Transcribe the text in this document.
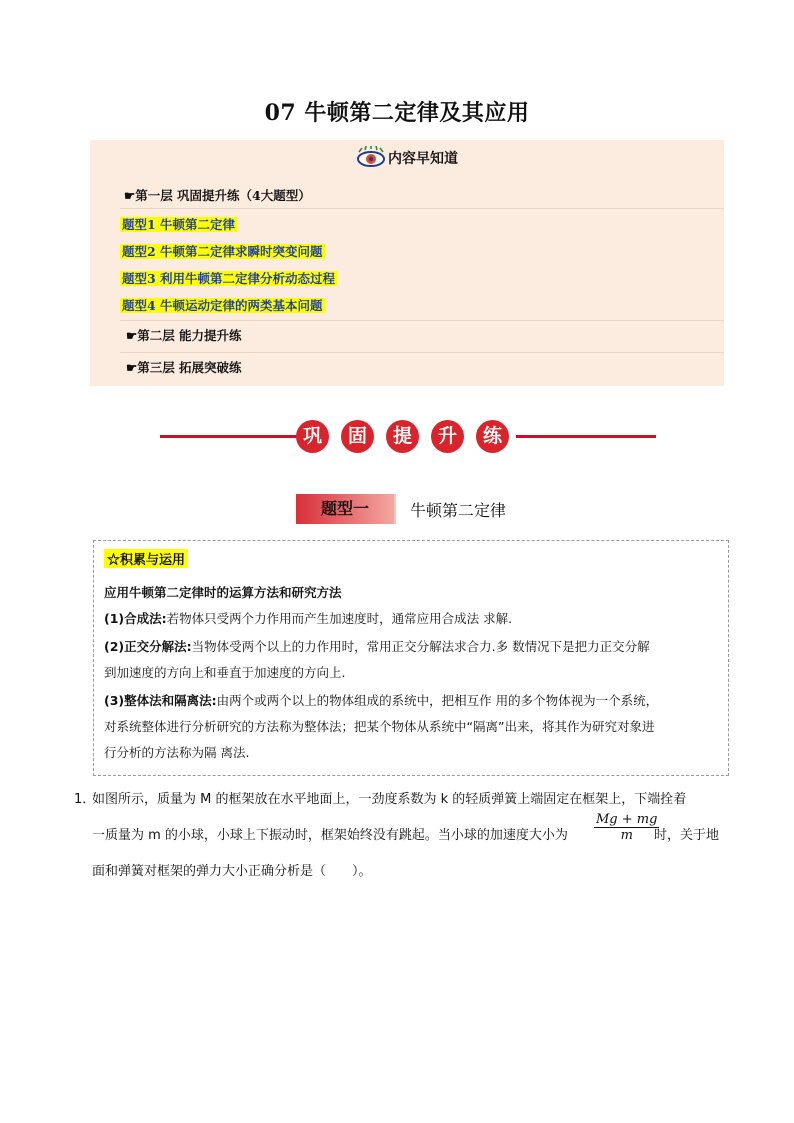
07 牛顿第二定律及其应用
内容早知道
☛第一层 巩固提升练（4大题型）
题型1 牛顿第二定律
题型2 牛顿第二定律求瞬时突变问题
题型3 利用牛顿第二定律分析动态过程
题型4 牛顿运动定律的两类基本问题
☛第二层 能力提升练
☛第三层 拓展突破练
巩	固	提	升	练
题型一	牛顿第二定律
☆积累与运用
应用牛顿第二定律时的运算方法和研究方法
(1)合成法:若物体只受两个力作用而产生加速度时，通常应用合成法 求解.
(2)正交分解法:当物体受两个以上的力作用时，常用正交分解法求合力.多 数情况下是把力正交分解
到加速度的方向上和垂直于加速度的方向上.
(3)整体法和隔离法:由两个或两个以上的物体组成的系统中，把相互作 用的多个物体视为一个系统，
对系统整体进行分析研究的方法称为整体法；把某个物体从系统中“隔离”出来，将其作为研究对象进
行分析的方法称为隔 离法.
1．
如图所示，质量为 M 的框架放在水平地面上，一劲度系数为 k 的轻质弹簧上端固定在框架上，下端拴着
一质量为 m 的小球，小球上下振动时，框架始终没有跳起。当小球的加速度大小为 $\frac{Mg + mg}{m}$
时，关于地
面和弹簧对框架的弹力大小正确分析是（　　）。
